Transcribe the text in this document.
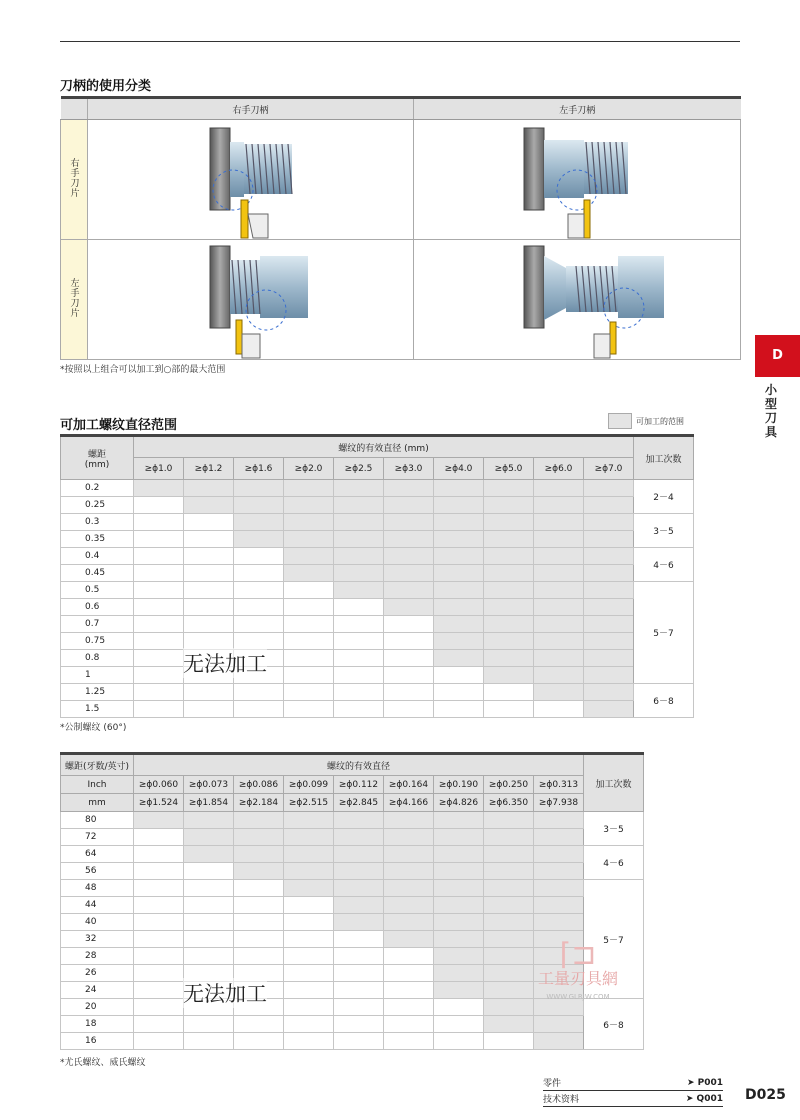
刀柄的使用分类
	右手刀柄	左手刀柄
右手刀片	

左手刀片	

*按照以上组合可以加工到○部的最大范围
D
小型刀具
可加工螺纹直径范围	可加工的范围
螺距
(mm)	螺纹的有效直径 (mm)										加工次数
	≥ϕ1.0	≥ϕ1.2	≥ϕ1.6	≥ϕ2.0	≥ϕ2.5	≥ϕ3.0	≥ϕ4.0	≥ϕ5.0	≥ϕ6.0	≥ϕ7.0	
0.2											2－4
0.25											
0.3											3－5
0.35											
0.4											4－6
0.45											
0.5											5－7
0.6											
0.7											
0.75											
0.8											
1											
1.25											6－8
1.5											
无法加工
*公制螺纹 (60°)
螺距(牙数/英寸)	螺纹的有效直径									加工次数
Inch	≥ϕ0.060	≥ϕ0.073	≥ϕ0.086	≥ϕ0.099	≥ϕ0.112	≥ϕ0.164	≥ϕ0.190	≥ϕ0.250	≥ϕ0.313	
mm	≥ϕ1.524	≥ϕ1.854	≥ϕ2.184	≥ϕ2.515	≥ϕ2.845	≥ϕ4.166	≥ϕ4.826	≥ϕ6.350	≥ϕ7.938	
80										3－5
72										
64										4－6
56										
48										5－7
44										
40										
32										
28										
26										
24										
20										6－8
18										
16										
无法加工
*尤氏螺纹、威氏螺纹
⌈⊐
工量刃具網
WWW.GLRJW.COM
零件	➤ P001
技术资料	➤ Q001 D025
